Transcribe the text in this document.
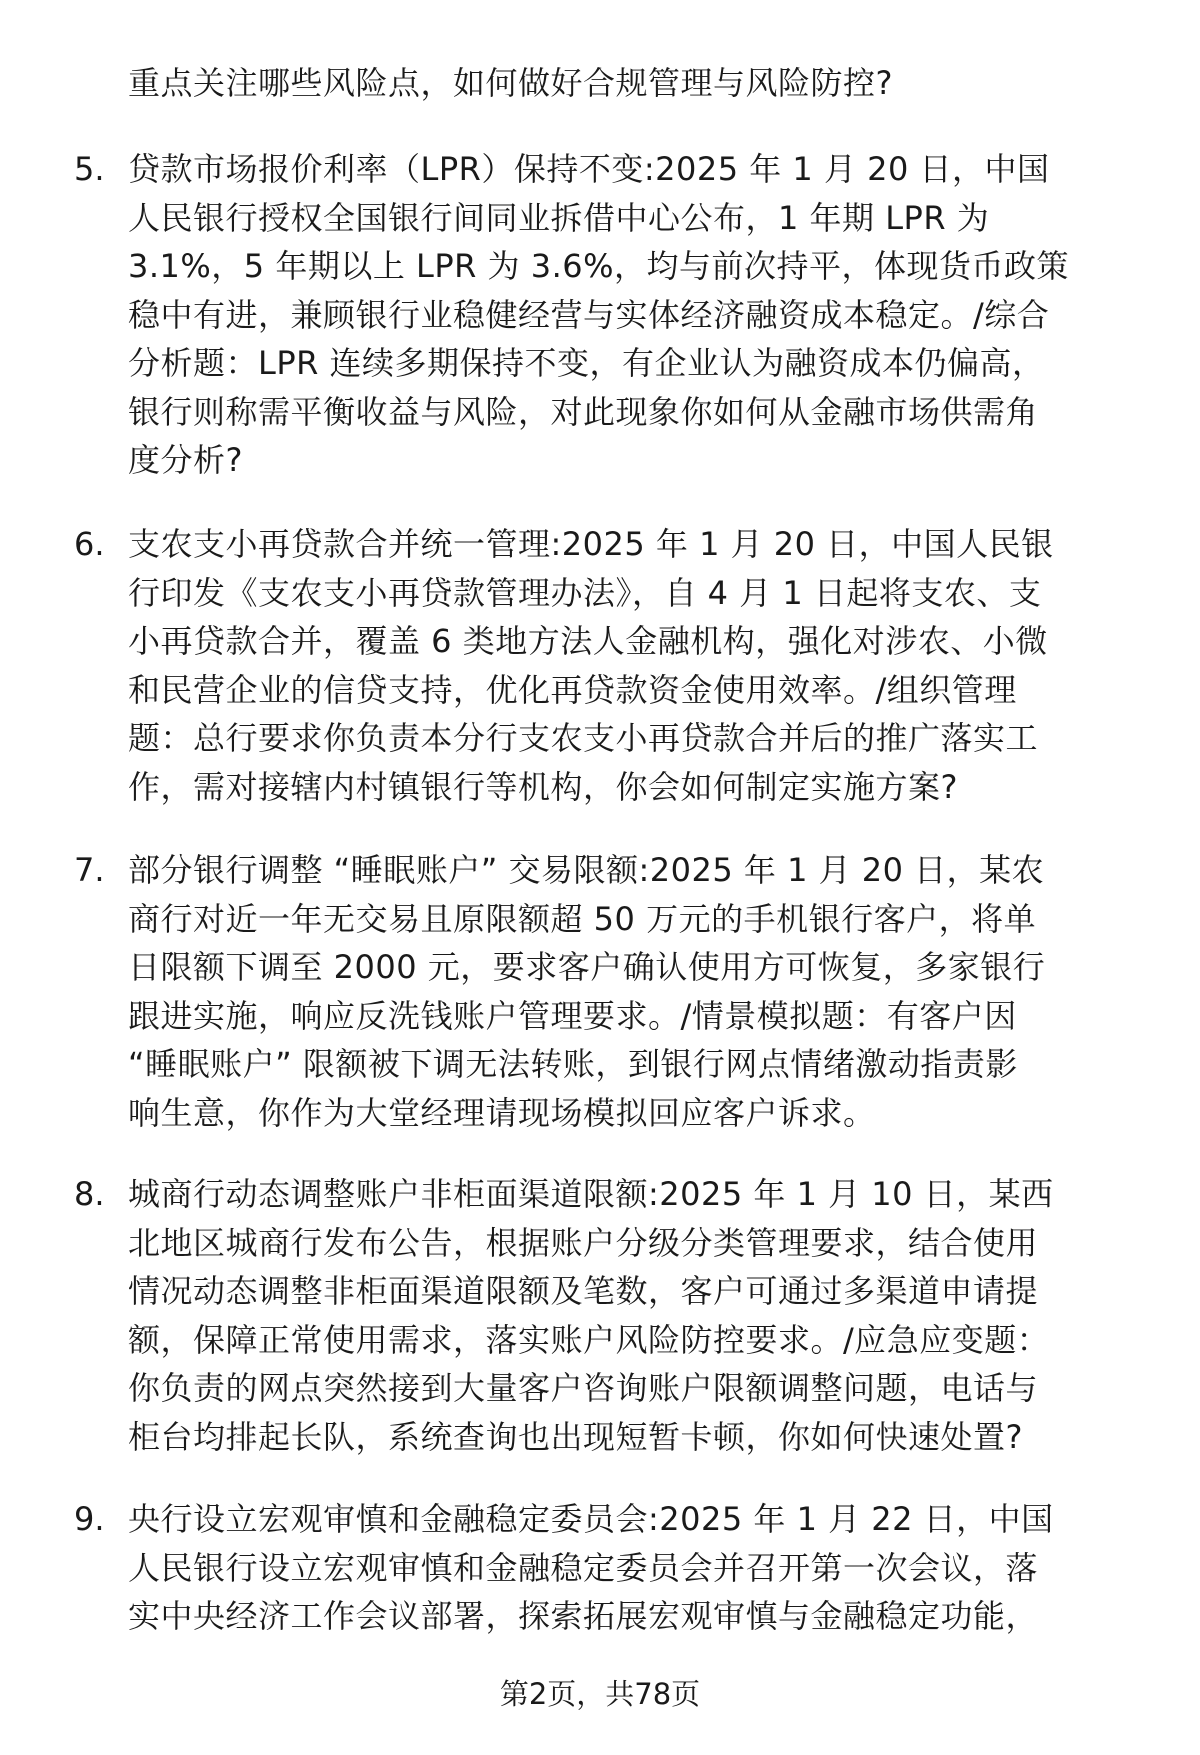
重点关注哪些风险点，如何做好合规管理与风险防控?
5. 贷款市场报价利率（LPR）保持不变:2025 年 1 月 20 日，中国
人民银行授权全国银行间同业拆借中心公布，1 年期 LPR 为
3.1%，5 年期以上 LPR 为 3.6%，均与前次持平，体现货币政策
稳中有进，兼顾银行业稳健经营与实体经济融资成本稳定。/综合
分析题：LPR 连续多期保持不变，有企业认为融资成本仍偏高，
银行则称需平衡收益与风险，对此现象你如何从金融市场供需角
度分析?
6. 支农支小再贷款合并统一管理:2025 年 1 月 20 日，中国人民银
行印发《支农支小再贷款管理办法》，自 4 月 1 日起将支农、支
小再贷款合并，覆盖 6 类地方法人金融机构，强化对涉农、小微
和民营企业的信贷支持，优化再贷款资金使用效率。/组织管理
题：总行要求你负责本分行支农支小再贷款合并后的推广落实工
作，需对接辖内村镇银行等机构，你会如何制定实施方案?
7. 部分银行调整 “睡眠账户” 交易限额:2025 年 1 月 20 日，某农
商行对近一年无交易且原限额超 50 万元的手机银行客户，将单
日限额下调至 2000 元，要求客户确认使用方可恢复，多家银行
跟进实施，响应反洗钱账户管理要求。/情景模拟题：有客户因
“睡眠账户” 限额被下调无法转账，到银行网点情绪激动指责影
响生意，你作为大堂经理请现场模拟回应客户诉求。
8. 城商行动态调整账户非柜面渠道限额:2025 年 1 月 10 日，某西
北地区城商行发布公告，根据账户分级分类管理要求，结合使用
情况动态调整非柜面渠道限额及笔数，客户可通过多渠道申请提
额，保障正常使用需求，落实账户风险防控要求。/应急应变题：
你负责的网点突然接到大量客户咨询账户限额调整问题，电话与
柜台均排起长队，系统查询也出现短暂卡顿，你如何快速处置?
9. 央行设立宏观审慎和金融稳定委员会:2025 年 1 月 22 日，中国
人民银行设立宏观审慎和金融稳定委员会并召开第一次会议，落
实中央经济工作会议部署，探索拓展宏观审慎与金融稳定功能，
第2页，共78页
